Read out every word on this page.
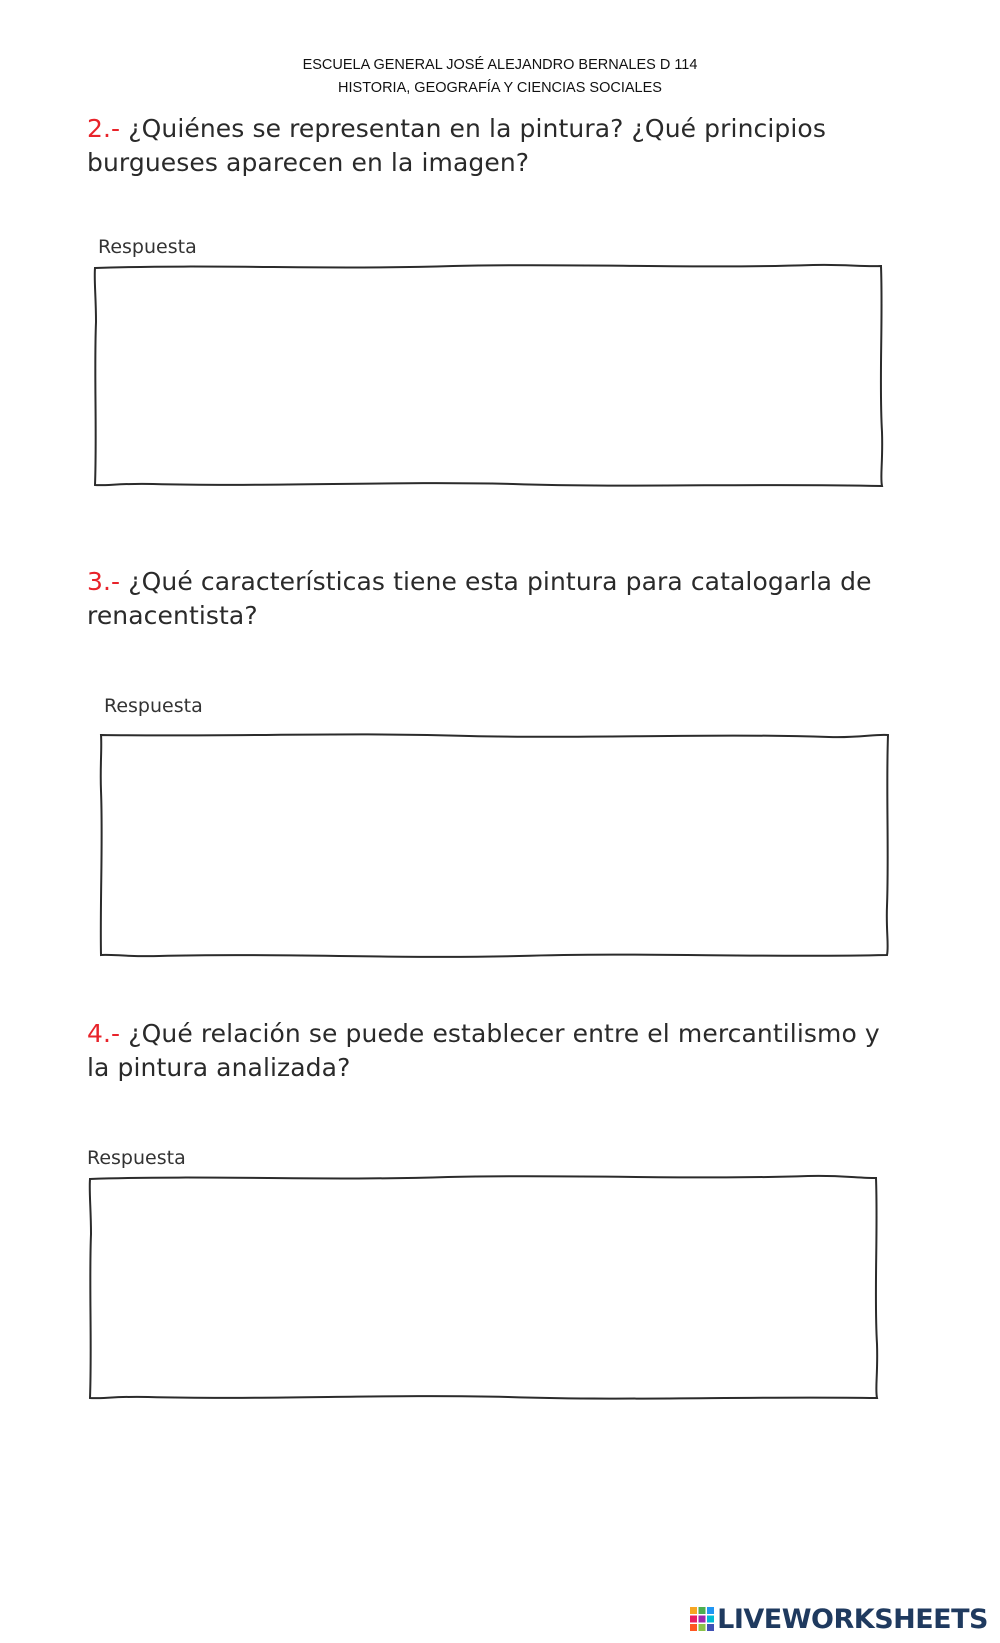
ESCUELA GENERAL JOSÉ ALEJANDRO BERNALES D 114
HISTORIA, GEOGRAFÍA Y CIENCIAS SOCIALES
2.- ¿Quiénes se representan en la pintura? ¿Qué principios
burgueses aparecen en la imagen?
Respuesta
3.- ¿Qué características tiene esta pintura para catalogarla de
renacentista?
Respuesta
4.- ¿Qué relación se puede establecer entre el mercantilismo y
la pintura analizada?
Respuesta
LIVEWORKSHEETS
